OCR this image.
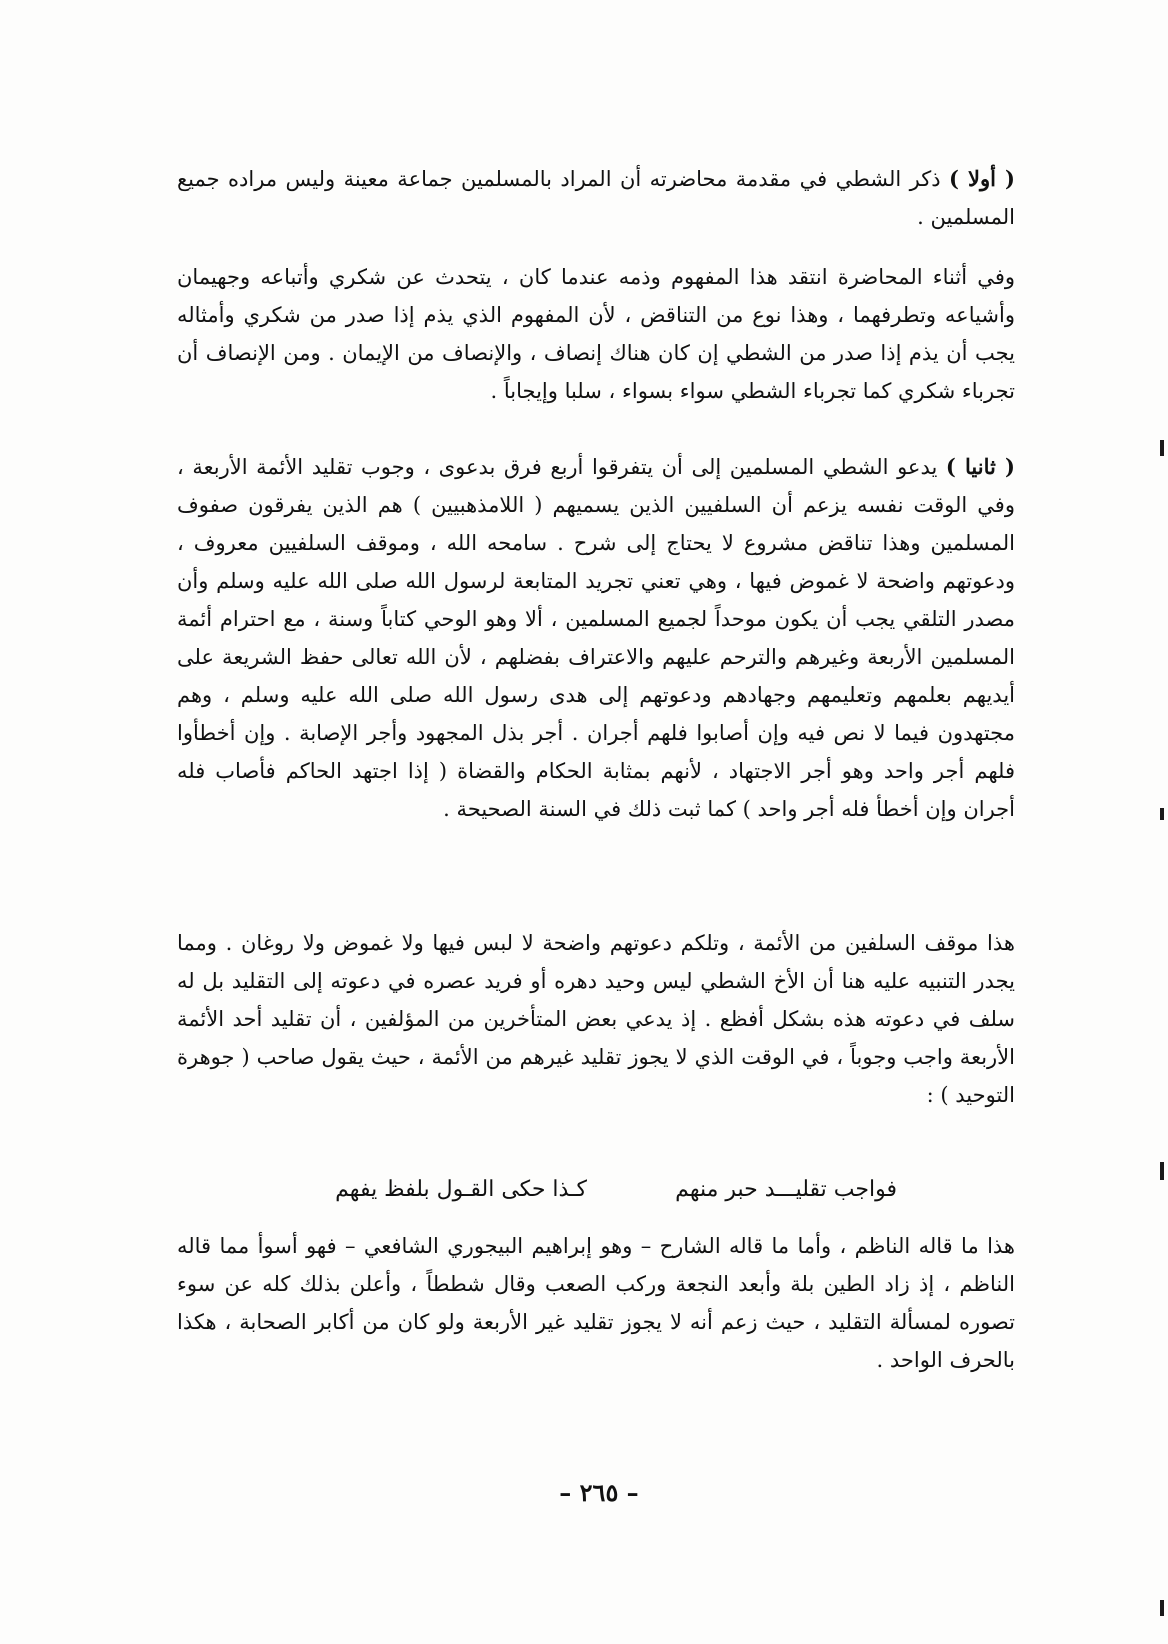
( أولا ) ذكر الشطي في مقدمة محاضرته أن المراد بالمسلمين جماعة معينة وليس مراده جميع المسلمين .

وفي أثناء المحاضرة انتقد هذا المفهوم وذمه عندما كان ، يتحدث عن شكري وأتباعه وجهيمان وأشياعه وتطرفهما ، وهذا نوع من التناقض ، لأن المفهوم الذي يذم إذا صدر من شكري وأمثاله يجب أن يذم إذا صدر من الشطي إن كان هناك إنصاف ، والإنصاف من الإيمان . ومن الإنصاف أن تجرباء شكري كما تجرباء الشطي سواء بسواء ، سلبا وإيجاباً .

( ثانيا ) يدعو الشطي المسلمين إلى أن يتفرقوا أربع فرق بدعوى ، وجوب تقليد الأئمة الأربعة ، وفي الوقت نفسه يزعم أن السلفيين الذين يسميهم ( اللامذهبيين ) هم الذين يفرقون صفوف المسلمين وهذا تناقض مشروع لا يحتاج إلى شرح . سامحه الله ، وموقف السلفيين معروف ، ودعوتهم واضحة لا غموض فيها ، وهي تعني تجريد المتابعة لرسول الله صلى الله عليه وسلم وأن مصدر التلقي يجب أن يكون موحداً لجميع المسلمين ، ألا وهو الوحي كتاباً وسنة ، مع احترام أئمة المسلمين الأربعة وغيرهم والترحم عليهم والاعتراف بفضلهم ، لأن الله تعالى حفظ الشريعة على أيديهم بعلمهم وتعليمهم وجهادهم ودعوتهم إلى هدى رسول الله صلى الله عليه وسلم ، وهم مجتهدون فيما لا نص فيه وإن أصابوا فلهم أجران . أجر بذل المجهود وأجر الإصابة . وإن أخطأوا فلهم أجر واحد وهو أجر الاجتهاد ، لأنهم بمثابة الحكام والقضاة ( إذا اجتهد الحاكم فأصاب فله أجران وإن أخطأ فله أجر واحد ) كما ثبت ذلك في السنة الصحيحة .

هذا موقف السلفين من الأئمة ، وتلكم دعوتهم واضحة لا لبس فيها ولا غموض ولا روغان . ومما يجدر التنبيه عليه هنا أن الأخ الشطي ليس وحيد دهره أو فريد عصره في دعوته إلى التقليد بل له سلف في دعوته هذه بشكل أفظع . إذ يدعي بعض المتأخرين من المؤلفين ، أن تقليد أحد الأئمة الأربعة واجب وجوباً ، في الوقت الذي لا يجوز تقليد غيرهم من الأئمة ، حيث يقول صاحب ( جوهرة التوحيد ) :

فواجب تقليـــد حبر منهم
كـذا حكى القـول بلفظ يفهم

هذا ما قاله الناظم ، وأما ما قاله الشارح – وهو إبراهيم البيجوري الشافعي – فهو أسوأ مما قاله الناظم ، إذ زاد الطين بلة وأبعد النجعة وركب الصعب وقال شططاً ، وأعلن بذلك كله عن سوء تصوره لمسألة التقليد ، حيث زعم أنه لا يجوز تقليد غير الأربعة ولو كان من أكابر الصحابة ، هكذا بالحرف الواحد .

– ٢٦٥ –
